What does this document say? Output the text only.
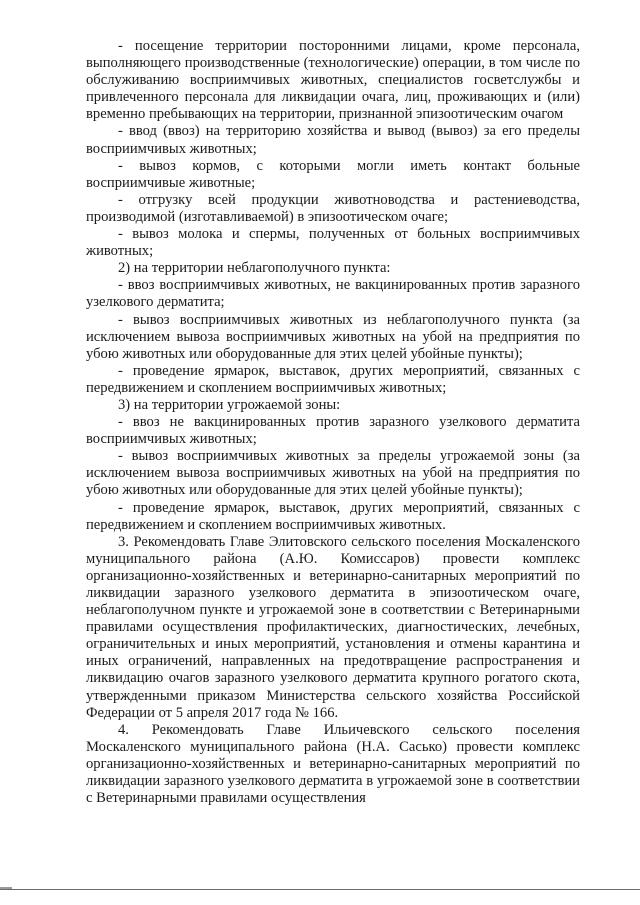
- посещение территории посторонними лицами, кроме персонала, выполняющего производственные (технологические) операции, в том числе по обслуживанию восприимчивых животных, специалистов госветслужбы и привлеченного персонала для ликвидации очага, лиц, проживающих и (или) временно пребывающих на территории, признанной эпизоотическим очагом

- ввод (ввоз) на территорию хозяйства и вывод (вывоз) за его пределы восприимчивых животных;

- вывоз кормов, с которыми могли иметь контакт больные восприимчивые животные;

- отгрузку всей продукции животноводства и растениеводства, производимой (изготавливаемой) в эпизоотическом очаге;

- вывоз молока и спермы, полученных от больных восприимчивых животных;

2) на территории неблагополучного пункта:

- ввоз восприимчивых животных, не вакцинированных против заразного узелкового дерматита;

- вывоз восприимчивых животных из неблагополучного пункта (за исключением вывоза восприимчивых животных на убой на предприятия по убою животных или оборудованные для этих целей убойные пункты);

- проведение ярмарок, выставок, других мероприятий, связанных с передвижением и скоплением восприимчивых животных;

3) на территории угрожаемой зоны:

- ввоз не вакцинированных против заразного узелкового дерматита восприимчивых животных;

- вывоз восприимчивых животных за пределы угрожаемой зоны (за исключением вывоза восприимчивых животных на убой на предприятия по убою животных или оборудованные для этих целей убойные пункты);

- проведение ярмарок, выставок, других мероприятий, связанных с передвижением и скоплением восприимчивых животных.

3. Рекомендовать Главе Элитовского сельского поселения Москаленского муниципального района (А.Ю. Комиссаров) провести комплекс организационно-хозяйственных и ветеринарно-санитарных мероприятий по ликвидации заразного узелкового дерматита в эпизоотическом очаге, неблагополучном пункте и угрожаемой зоне в соответствии с Ветеринарными правилами осуществления профилактических, диагностических, лечебных, ограничительных и иных мероприятий, установления и отмены карантина и иных ограничений, направленных на предотвращение распространения и ликвидацию очагов заразного узелкового дерматита крупного рогатого скота, утвержденными приказом Министерства сельского хозяйства Российской Федерации от 5 апреля 2017 года № 166.

4. Рекомендовать Главе Ильичевского сельского поселения Москаленского муниципального района (Н.А. Сасько) провести комплекс организационно-хозяйственных и ветеринарно-санитарных мероприятий по ликвидации заразного узелкового дерматита в угрожаемой зоне в соответствии с Ветеринарными правилами осуществления
